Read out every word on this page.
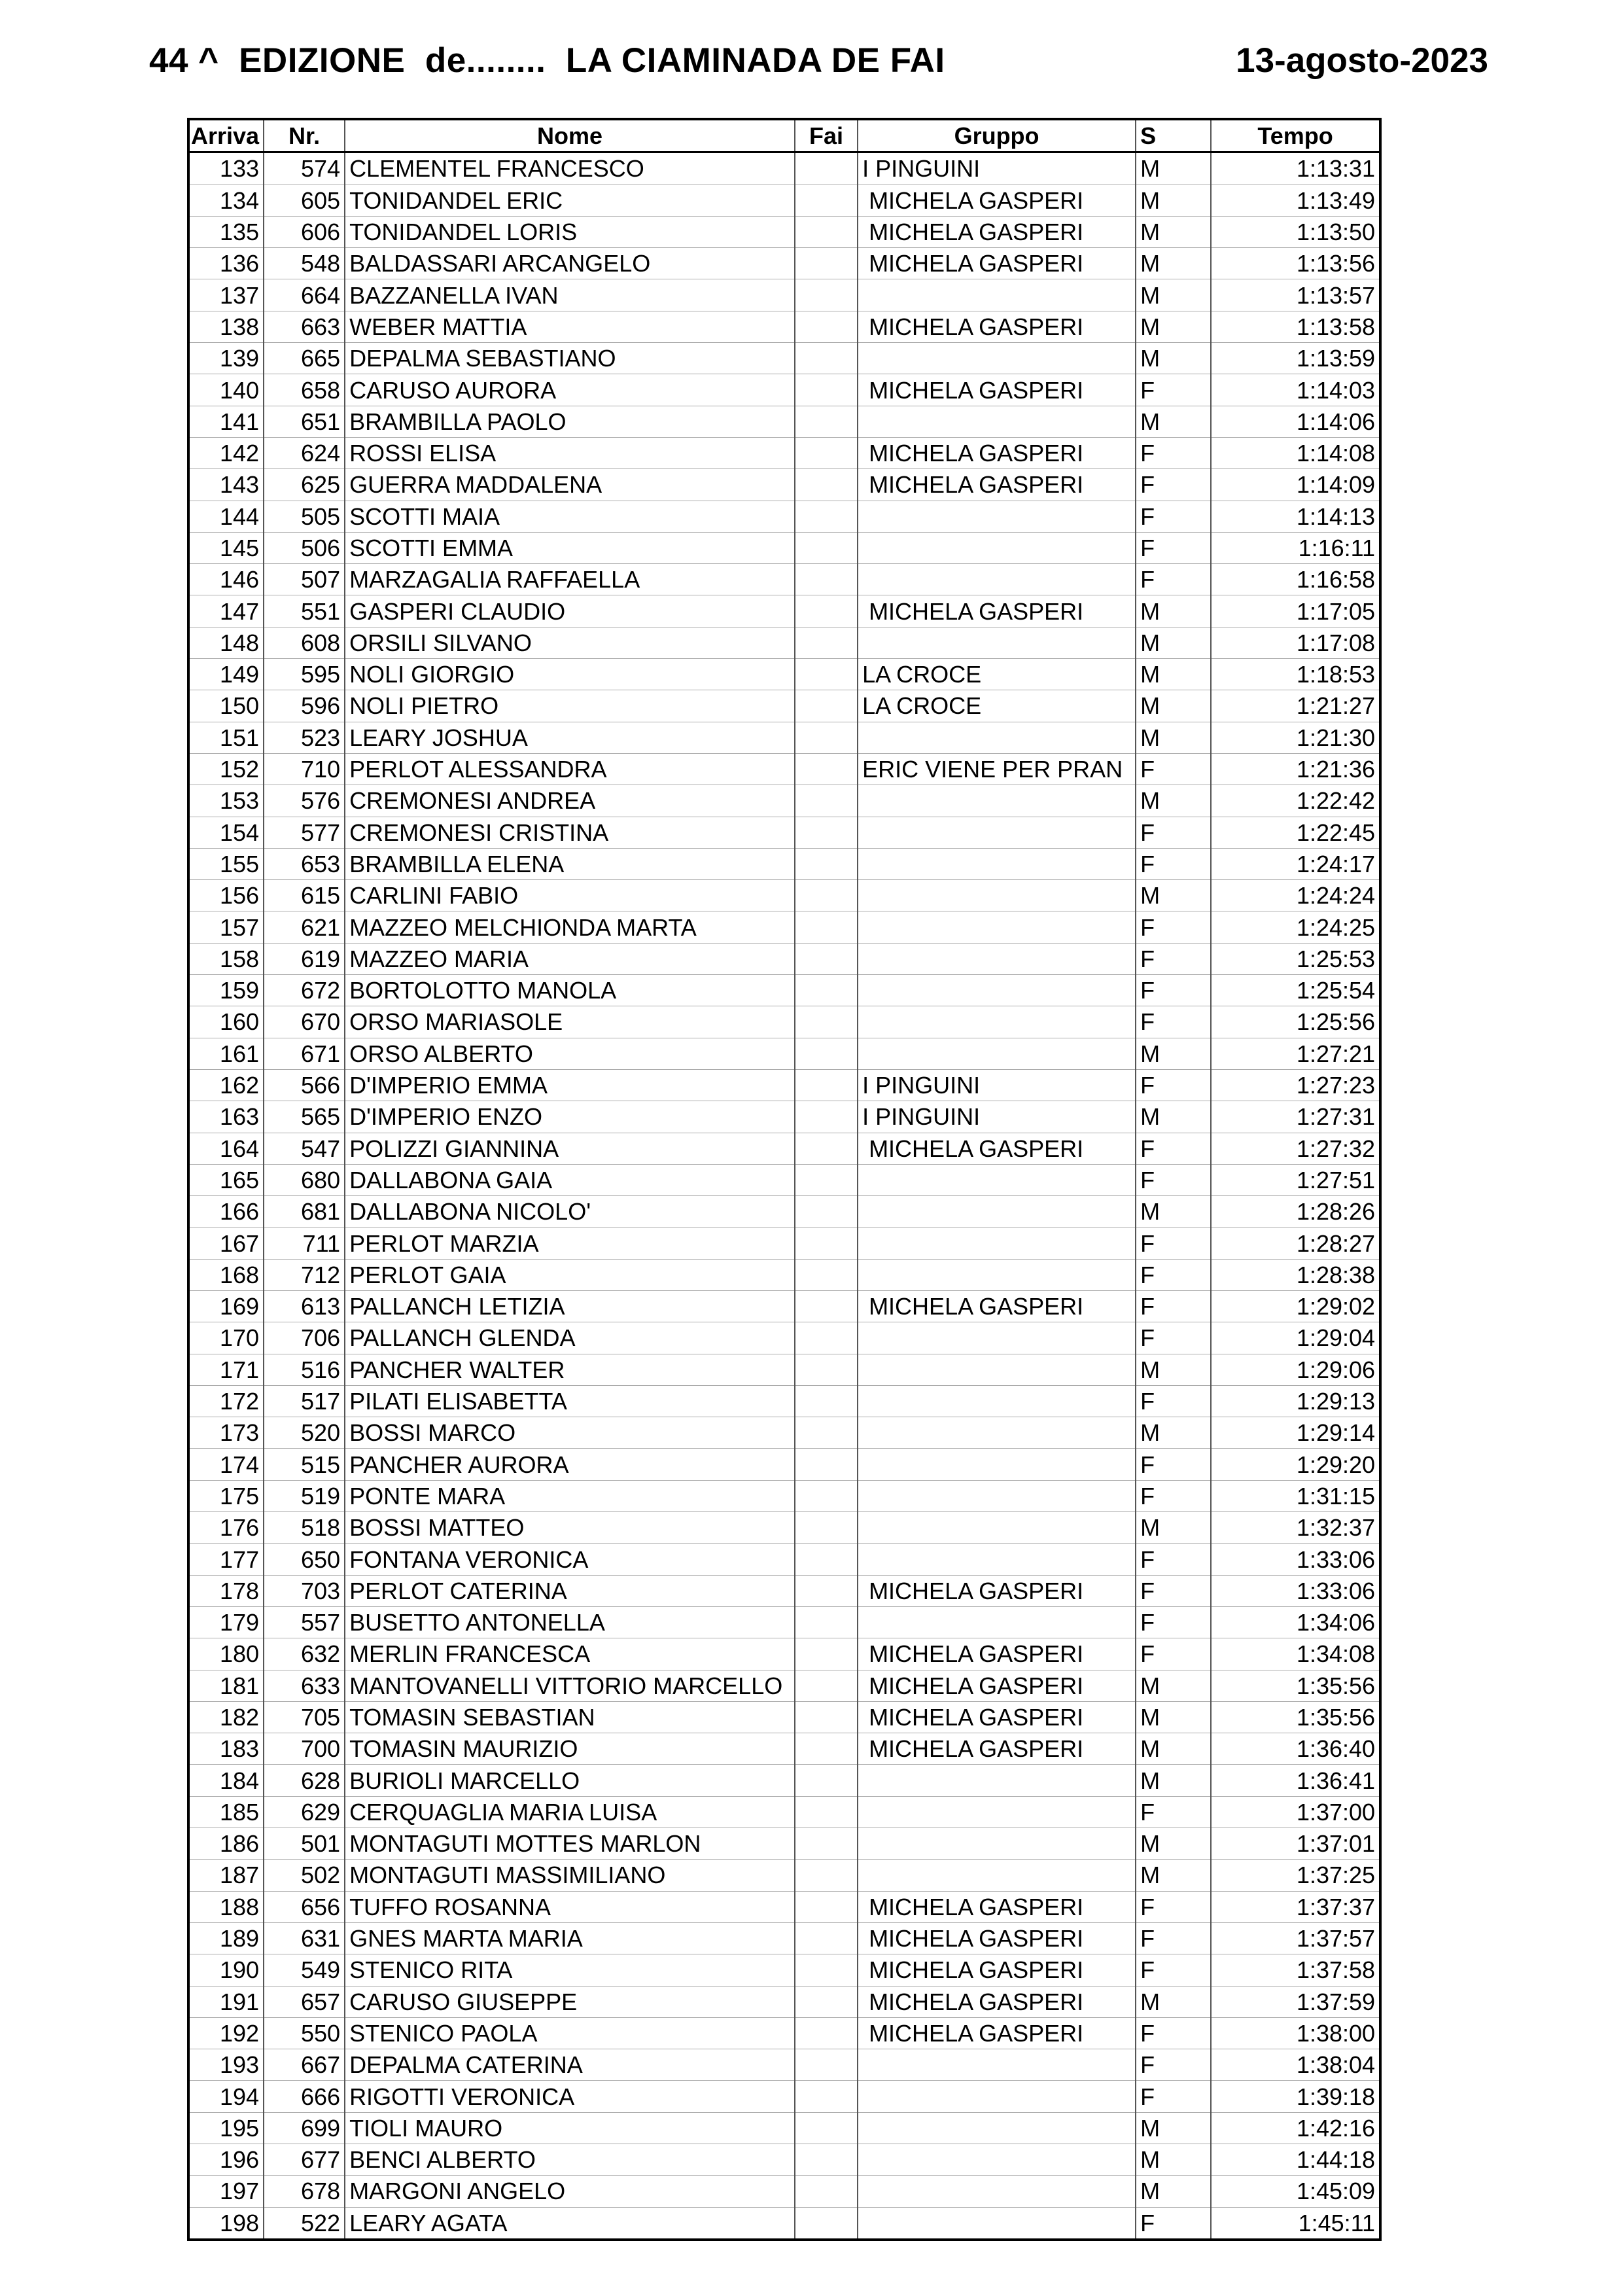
44 ^  EDIZIONE  de........  LA CIAMINADA DE FAI	13-agosto-2023
Arriva	Nr.	Nome	Fai	Gruppo	S	Tempo
133	574	CLEMENTEL FRANCESCO		I PINGUINI	M	1:13:31
134	605	TONIDANDEL ERIC		MICHELA GASPERI	M	1:13:49
135	606	TONIDANDEL LORIS		MICHELA GASPERI	M	1:13:50
136	548	BALDASSARI ARCANGELO		MICHELA GASPERI	M	1:13:56
137	664	BAZZANELLA IVAN			M	1:13:57
138	663	WEBER MATTIA		MICHELA GASPERI	M	1:13:58
139	665	DEPALMA SEBASTIANO			M	1:13:59
140	658	CARUSO AURORA		MICHELA GASPERI	F	1:14:03
141	651	BRAMBILLA PAOLO			M	1:14:06
142	624	ROSSI ELISA		MICHELA GASPERI	F	1:14:08
143	625	GUERRA MADDALENA		MICHELA GASPERI	F	1:14:09
144	505	SCOTTI MAIA			F	1:14:13
145	506	SCOTTI EMMA			F	1:16:11
146	507	MARZAGALIA RAFFAELLA			F	1:16:58
147	551	GASPERI CLAUDIO		MICHELA GASPERI	M	1:17:05
148	608	ORSILI SILVANO			M	1:17:08
149	595	NOLI GIORGIO		LA CROCE	M	1:18:53
150	596	NOLI PIETRO		LA CROCE	M	1:21:27
151	523	LEARY JOSHUA			M	1:21:30
152	710	PERLOT ALESSANDRA		ERIC VIENE PER PRAN	F	1:21:36
153	576	CREMONESI ANDREA			M	1:22:42
154	577	CREMONESI CRISTINA			F	1:22:45
155	653	BRAMBILLA ELENA			F	1:24:17
156	615	CARLINI FABIO			M	1:24:24
157	621	MAZZEO MELCHIONDA MARTA			F	1:24:25
158	619	MAZZEO MARIA			F	1:25:53
159	672	BORTOLOTTO MANOLA			F	1:25:54
160	670	ORSO MARIASOLE			F	1:25:56
161	671	ORSO ALBERTO			M	1:27:21
162	566	D'IMPERIO EMMA		I PINGUINI	F	1:27:23
163	565	D'IMPERIO ENZO		I PINGUINI	M	1:27:31
164	547	POLIZZI GIANNINA		MICHELA GASPERI	F	1:27:32
165	680	DALLABONA GAIA			F	1:27:51
166	681	DALLABONA NICOLO'			M	1:28:26
167	711	PERLOT MARZIA			F	1:28:27
168	712	PERLOT GAIA			F	1:28:38
169	613	PALLANCH LETIZIA		MICHELA GASPERI	F	1:29:02
170	706	PALLANCH GLENDA			F	1:29:04
171	516	PANCHER WALTER			M	1:29:06
172	517	PILATI ELISABETTA			F	1:29:13
173	520	BOSSI MARCO			M	1:29:14
174	515	PANCHER AURORA			F	1:29:20
175	519	PONTE MARA			F	1:31:15
176	518	BOSSI MATTEO			M	1:32:37
177	650	FONTANA VERONICA			F	1:33:06
178	703	PERLOT CATERINA		MICHELA GASPERI	F	1:33:06
179	557	BUSETTO ANTONELLA			F	1:34:06
180	632	MERLIN FRANCESCA		MICHELA GASPERI	F	1:34:08
181	633	MANTOVANELLI VITTORIO MARCELLO		MICHELA GASPERI	M	1:35:56
182	705	TOMASIN SEBASTIAN		MICHELA GASPERI	M	1:35:56
183	700	TOMASIN MAURIZIO		MICHELA GASPERI	M	1:36:40
184	628	BURIOLI MARCELLO			M	1:36:41
185	629	CERQUAGLIA MARIA LUISA			F	1:37:00
186	501	MONTAGUTI MOTTES MARLON			M	1:37:01
187	502	MONTAGUTI MASSIMILIANO			M	1:37:25
188	656	TUFFO ROSANNA		MICHELA GASPERI	F	1:37:37
189	631	GNES MARTA MARIA		MICHELA GASPERI	F	1:37:57
190	549	STENICO RITA		MICHELA GASPERI	F	1:37:58
191	657	CARUSO GIUSEPPE		MICHELA GASPERI	M	1:37:59
192	550	STENICO PAOLA		MICHELA GASPERI	F	1:38:00
193	667	DEPALMA CATERINA			F	1:38:04
194	666	RIGOTTI VERONICA			F	1:39:18
195	699	TIOLI MAURO			M	1:42:16
196	677	BENCI ALBERTO			M	1:44:18
197	678	MARGONI ANGELO			M	1:45:09
198	522	LEARY AGATA			F	1:45:11
